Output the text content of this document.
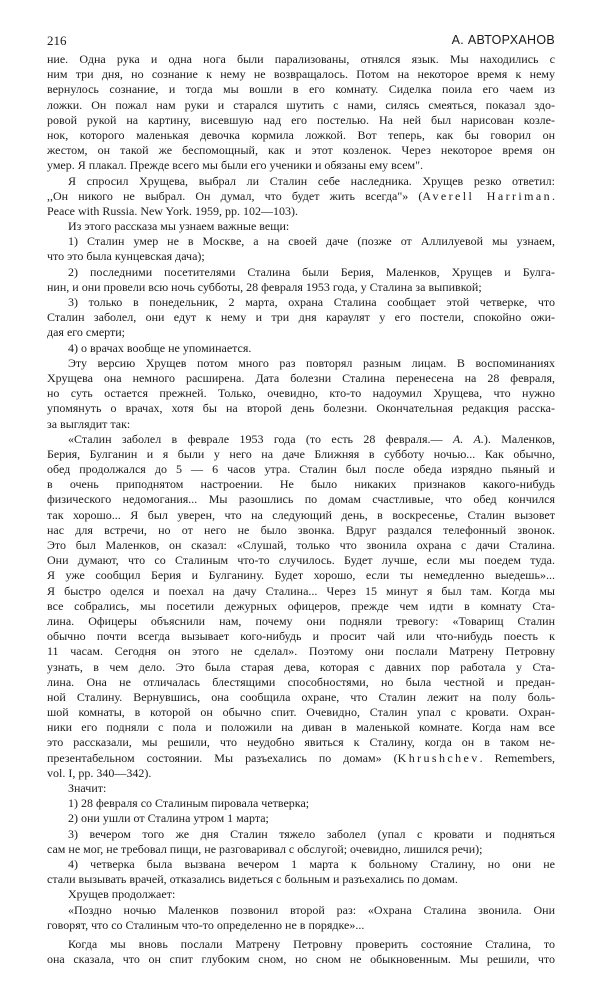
216	А. АВТОРХАНОВ
ние. Одна рука и одна нога были парализованы, отнялся язык. Мы находились с
ним три дня, но сознание к нему не возвращалось. Потом на некоторое время к нему
вернулось сознание, и тогда мы вошли в его комнату. Сиделка поила его чаем из
ложки. Он пожал нам руки и старался шутить с нами, силясь смеяться, показал здо-
ровой рукой на картину, висевшую над его постелью. На ней был нарисован козле-
нок, которого маленькая девочка кормила ложкой. Вот теперь, как бы говорил он
жестом, он такой же беспомощный, как и этот козленок. Через некоторое время он
умер. Я плакал. Прежде всего мы были его ученики и обязаны ему всем".
Я спросил Хрущева, выбрал ли Сталин себе наследника. Хрущев резко ответил:
,,Он никого не выбрал. Он думал, что будет жить всегда"» (Averell Harriman.
Peace with Russia. New York. 1959, pp. 102—103).
Из этого рассказа мы узнаем важные вещи:
1) Сталин умер не в Москве, а на своей даче (позже от Аллилуевой мы узнаем,
что это была кунцевская дача);
2) последними посетителями Сталина были Берия, Маленков, Хрущев и Булга-
нин, и они провели всю ночь субботы, 28 февраля 1953 года, у Сталина за выпивкой;
3) только в понедельник, 2 марта, охрана Сталина сообщает этой четверке, что
Сталин заболел, они едут к нему и три дня караулят у его постели, спокойно ожи-
дая его смерти;
4) о врачах вообще не упоминается.
Эту версию Хрущев потом много раз повторял разным лицам. В воспоминаниях
Хрущева она немного расширена. Дата болезни Сталина перенесена на 28 февраля,
но суть остается прежней. Только, очевидно, кто-то надоумил Хрущева, что нужно
упомянуть о врачах, хотя бы на второй день болезни. Окончательная редакция расска-
за выглядит так:
«Сталин заболел в феврале 1953 года (то есть 28 февраля.— А. А.). Маленков,
Берия, Булганин и я были у него на даче Ближняя в субботу ночью... Как обычно,
обед продолжался до 5 — 6 часов утра. Сталин был после обеда изрядно пьяный и
в очень приподнятом настроении. Не было никаких признаков какого-нибудь
физического недомогания... Мы разошлись по домам счастливые, что обед кончился
так хорошо... Я был уверен, что на следующий день, в воскресенье, Сталин вызовет
нас для встречи, но от него не было звонка. Вдруг раздался телефонный звонок.
Это был Маленков, он сказал: «Слушай, только что звонила охрана с дачи Сталина.
Они думают, что со Сталиным что-то случилось. Будет лучше, если мы поедем туда.
Я уже сообщил Берия и Булганину. Будет хорошо, если ты немедленно выедешь»...
Я быстро оделся и поехал на дачу Сталина... Через 15 минут я был там. Когда мы
все собрались, мы посетили дежурных офицеров, прежде чем идти в комнату Ста-
лина. Офицеры объяснили нам, почему они подняли тревогу: «Товарищ Сталин
обычно почти всегда вызывает кого-нибудь и просит чай или что-нибудь поесть к
11 часам. Сегодня он этого не сделал». Поэтому они послали Матрену Петровну
узнать, в чем дело. Это была старая дева, которая с давних пор работала у Ста-
лина. Она не отличалась блестящими способностями, но была честной и предан-
ной Сталину. Вернувшись, она сообщила охране, что Сталин лежит на полу боль-
шой комнаты, в которой он обычно спит. Очевидно, Сталин упал с кровати. Охран-
ники его подняли с пола и положили на диван в маленькой комнате. Когда нам все
это рассказали, мы решили, что неудобно явиться к Сталину, когда он в таком не-
презентабельном состоянии. Мы разъехались по домам» (Khrushchev. Remembers,
vol. I, pp. 340—342).
Значит:
1) 28 февраля со Сталиным пировала четверка;
2) они ушли от Сталина утром 1 марта;
3) вечером того же дня Сталин тяжело заболел (упал с кровати и подняться
сам не мог, не требовал пищи, не разговаривал с обслугой; очевидно, лишился речи);
4) четверка была вызвана вечером 1 марта к больному Сталину, но они не
стали вызывать врачей, отказались видеться с больным и разъехались по домам.
Хрущев продолжает:
«Поздно ночью Маленков позвонил второй раз: «Охрана Сталина звонила. Они
говорят, что со Сталиным что-то определенно не в порядке»...
Когда мы вновь послали Матрену Петровну проверить состояние Сталина, то
она сказала, что он спит глубоким сном, но сном не обыкновенным. Мы решили, что
